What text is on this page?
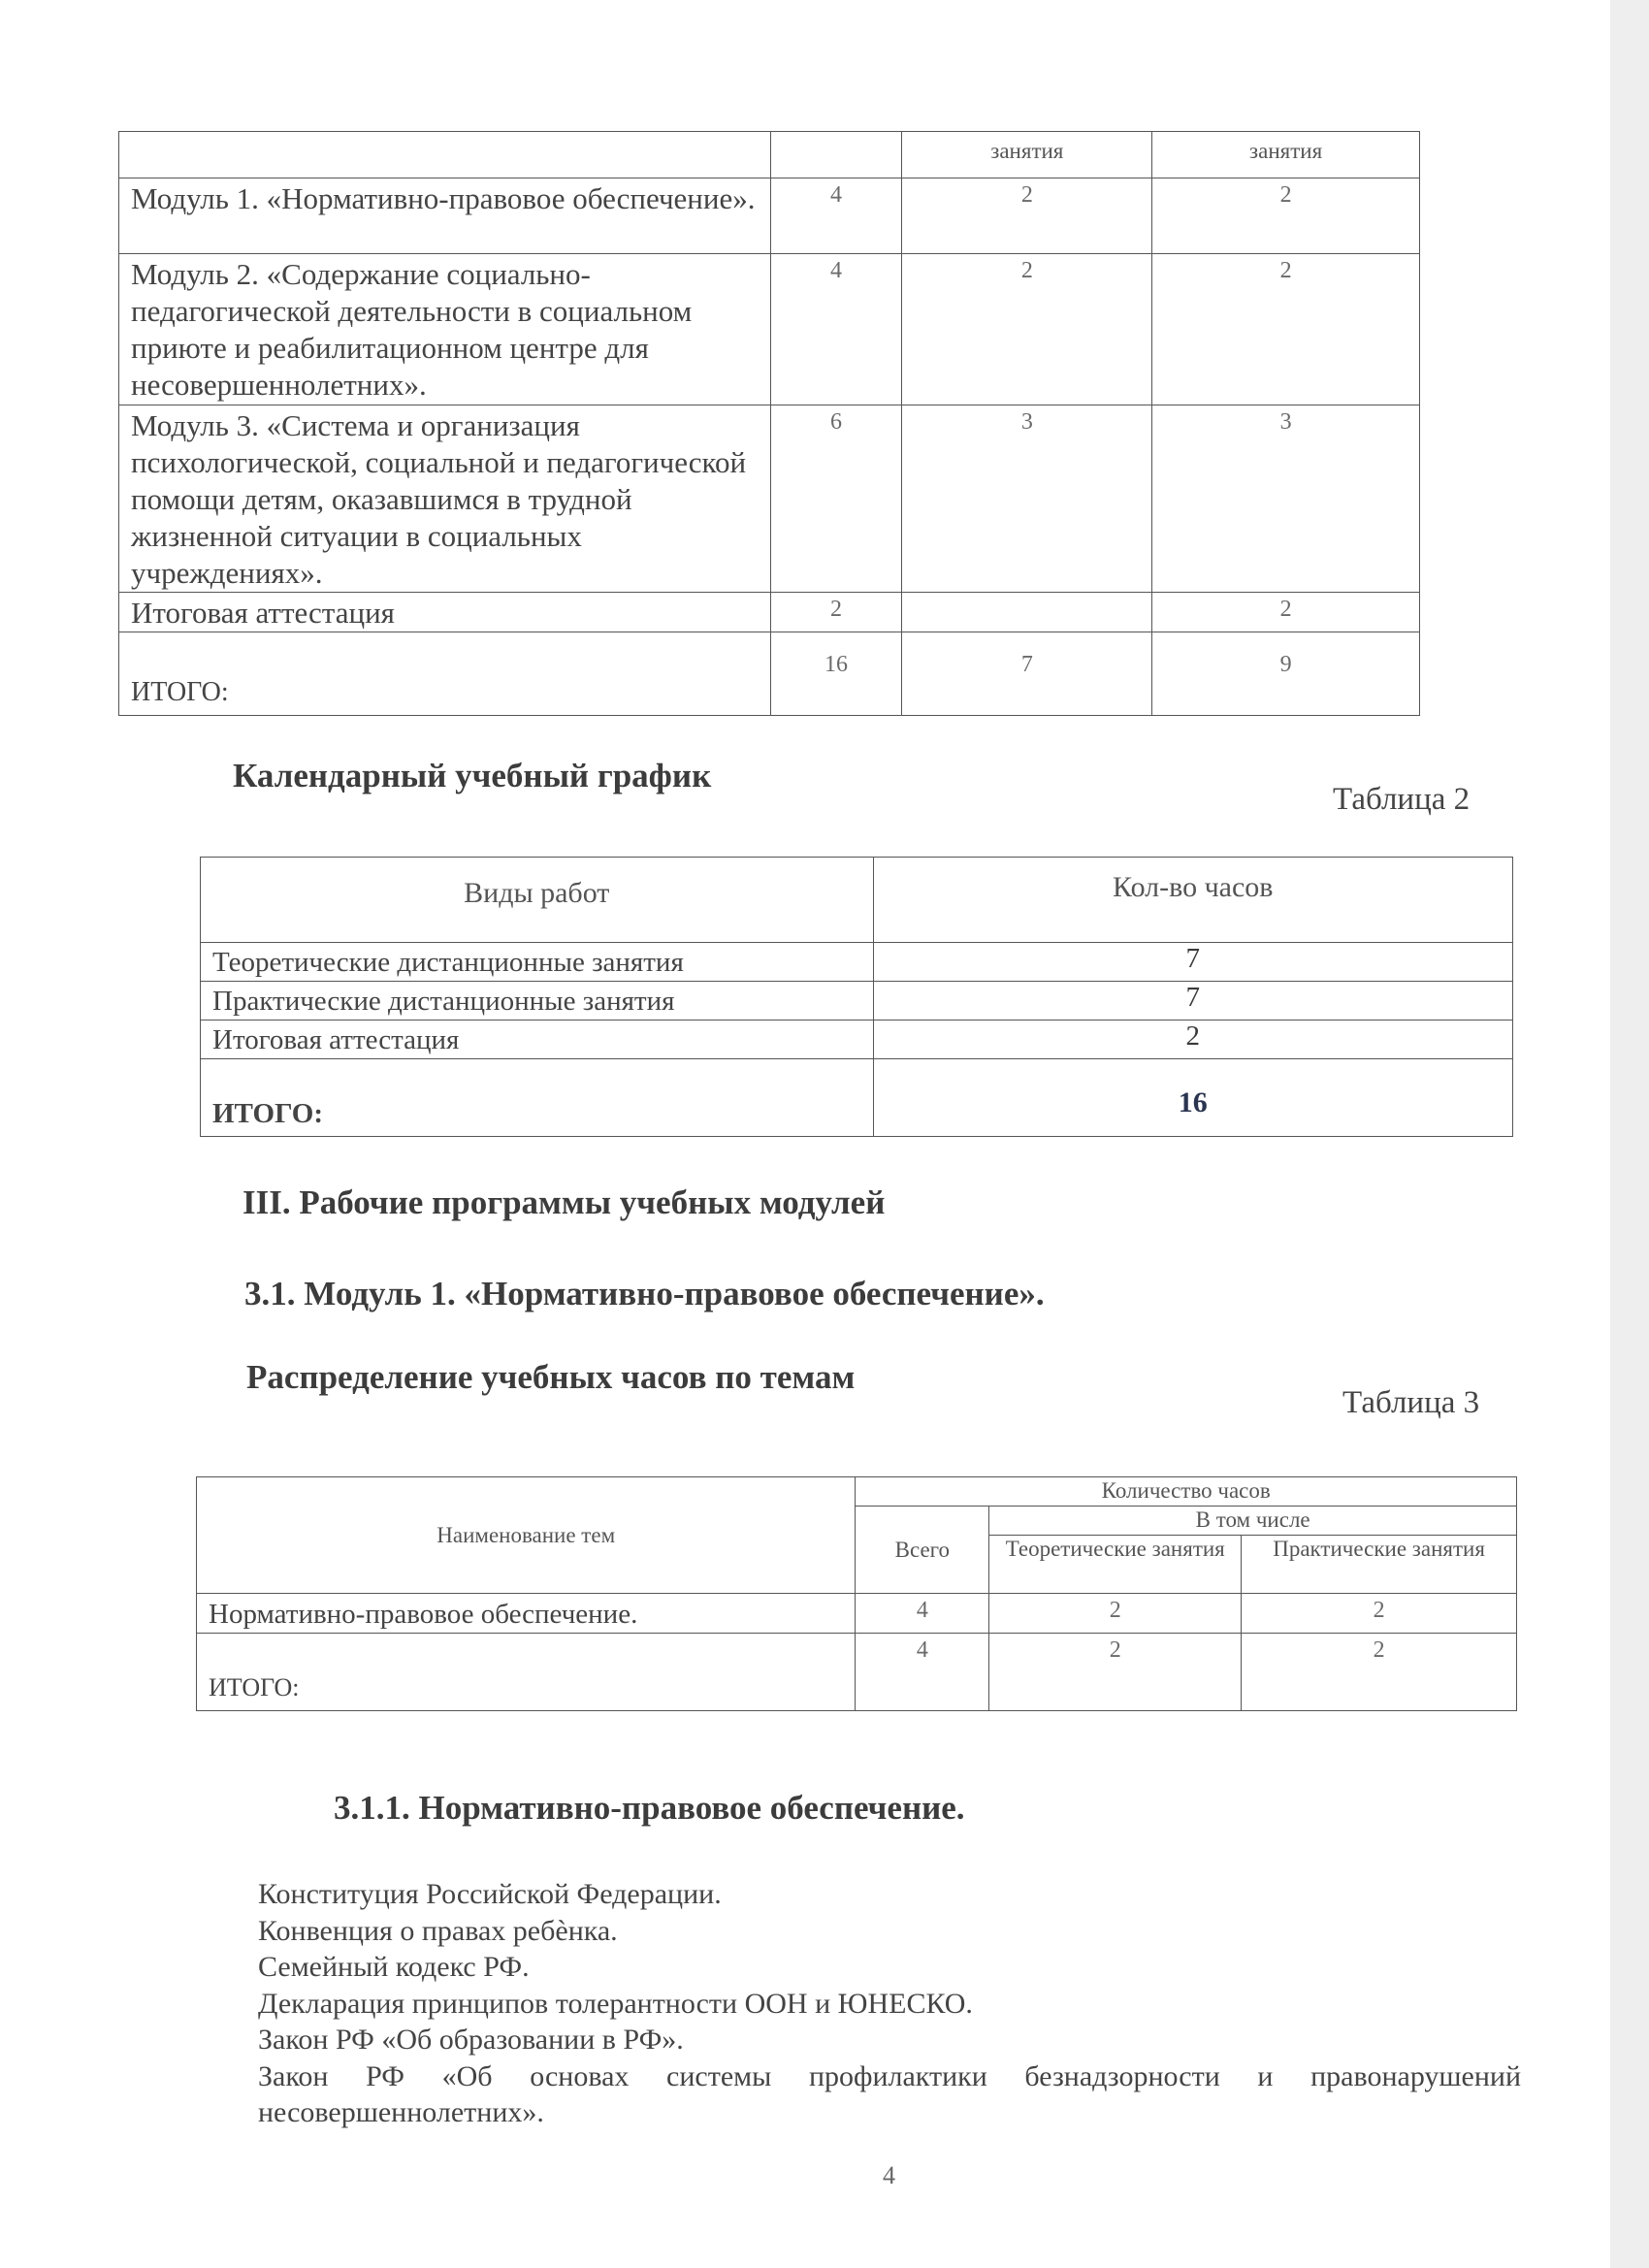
		занятия	занятия
Модуль 1. «Нормативно-правовое обеспечение».	4	2	2
Модуль 2. «Содержание социально-педагогической деятельности в социальном приюте и реабилитационном центре для несовершеннолетних».	4	2	2
Модуль 3. «Система и организация психологической, социальной и педагогической помощи детям, оказавшимся в трудной жизненной ситуации в социальных учреждениях».	6	3	3
Итоговая аттестация	2		2
ИТОГО:	16	7	9
Календарный учебный график
Таблица 2
Виды работ	Кол-во часов
Теоретические дистанционные занятия	7
Практические дистанционные занятия	7
Итоговая аттестация	2
ИТОГО:	16
III. Рабочие программы учебных модулей
3.1. Модуль 1. «Нормативно-правовое обеспечение».
Распределение учебных часов по темам
Таблица 3
Наименование тем	Количество часов		
	Всего	В том числе	
		Теоретические занятия	Практические занятия
Нормативно-правовое обеспечение.	4	2	2
ИТОГО:	4	2	2
3.1.1. Нормативно-правовое обеспечение.
Конституция Российской Федерации.
Конвенция о правах ребѐнка.
Семейный кодекс РФ.
Декларация принципов толерантности ООН и ЮНЕСКО.
Закон РФ «Об образовании в РФ».
Закон РФ «Об основах системы профилактики безнадзорности и правонарушений
несовершеннолетних».
4
